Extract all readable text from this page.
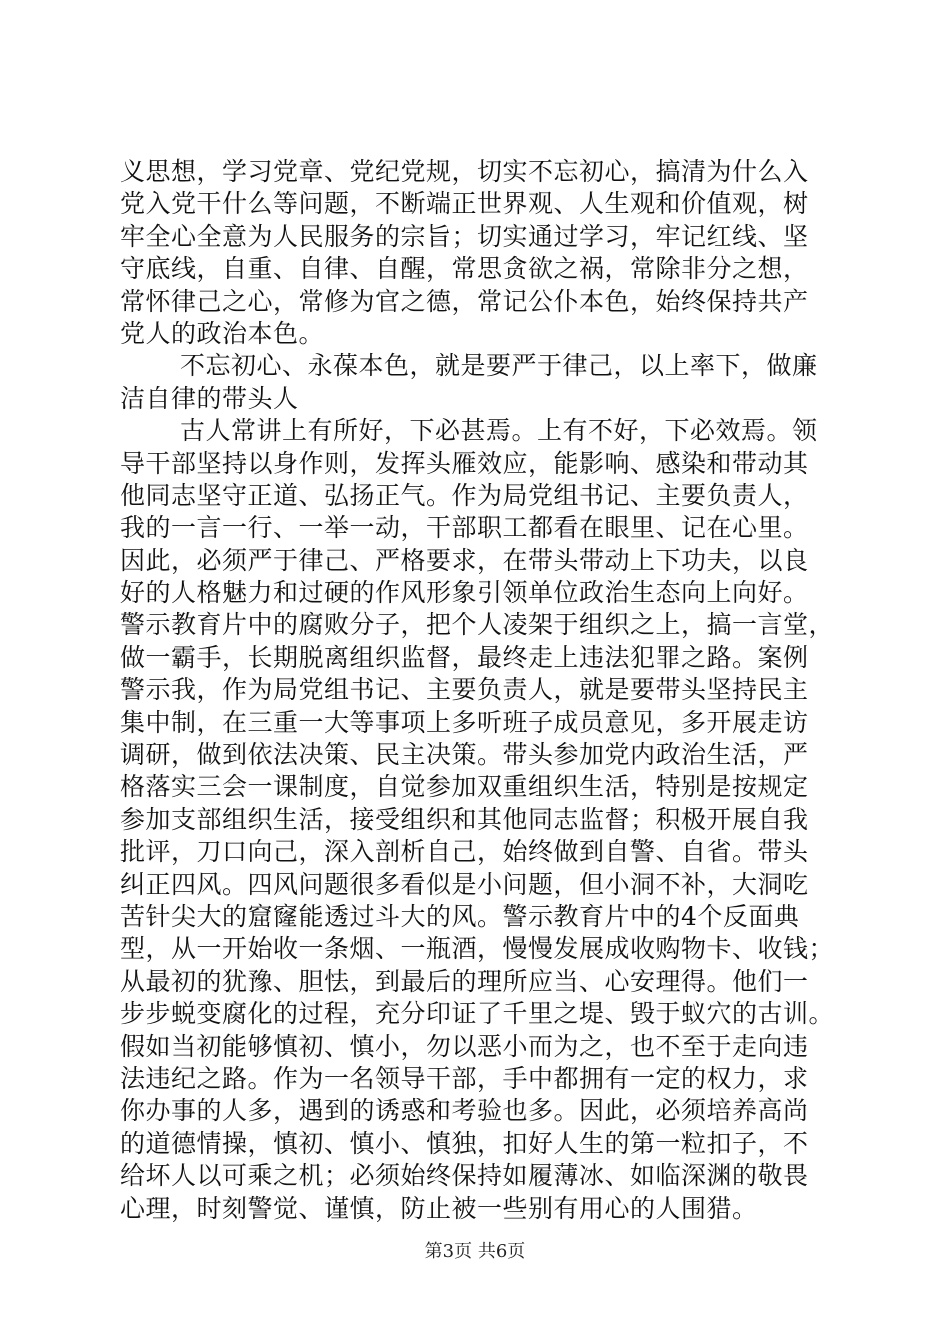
义思想，学习党章、党纪党规，切实不忘初心，搞清为什么入
党入党干什么等问题，不断端正世界观、人生观和价值观，树
牢全心全意为人民服务的宗旨；切实通过学习，牢记红线、坚
守底线，自重、自律、自醒，常思贪欲之祸，常除非分之想，
常怀律己之心，常修为官之德，常记公仆本色，始终保持共产
党人的政治本色。
不忘初心、永葆本色，就是要严于律己，以上率下，做廉
洁自律的带头人
古人常讲上有所好，下必甚焉。上有不好，下必效焉。领
导干部坚持以身作则，发挥头雁效应，能影响、感染和带动其
他同志坚守正道、弘扬正气。作为局党组书记、主要负责人，
我的一言一行、一举一动，干部职工都看在眼里、记在心里。
因此，必须严于律己、严格要求，在带头带动上下功夫，以良
好的人格魅力和过硬的作风形象引领单位政治生态向上向好。
警示教育片中的腐败分子，把个人凌架于组织之上，搞一言堂，
做一霸手，长期脱离组织监督，最终走上违法犯罪之路。案例
警示我，作为局党组书记、主要负责人，就是要带头坚持民主
集中制，在三重一大等事项上多听班子成员意见，多开展走访
调研，做到依法决策、民主决策。带头参加党内政治生活，严
格落实三会一课制度，自觉参加双重组织生活，特别是按规定
参加支部组织生活，接受组织和其他同志监督；积极开展自我
批评，刀口向己，深入剖析自己，始终做到自警、自省。带头
纠正四风。四风问题很多看似是小问题，但小洞不补，大洞吃
苦针尖大的窟窿能透过斗大的风。警示教育片中的4个反面典
型，从一开始收一条烟、一瓶酒，慢慢发展成收购物卡、收钱；
从最初的犹豫、胆怯，到最后的理所应当、心安理得。他们一
步步蜕变腐化的过程，充分印证了千里之堤、毁于蚁穴的古训。
假如当初能够慎初、慎小，勿以恶小而为之，也不至于走向违
法违纪之路。作为一名领导干部，手中都拥有一定的权力，求
你办事的人多，遇到的诱惑和考验也多。因此，必须培养高尚
的道德情操，慎初、慎小、慎独，扣好人生的第一粒扣子，不
给坏人以可乘之机；必须始终保持如履薄冰、如临深渊的敬畏
心理，时刻警觉、谨慎，防止被一些别有用心的人围猎。
第3页 共6页
